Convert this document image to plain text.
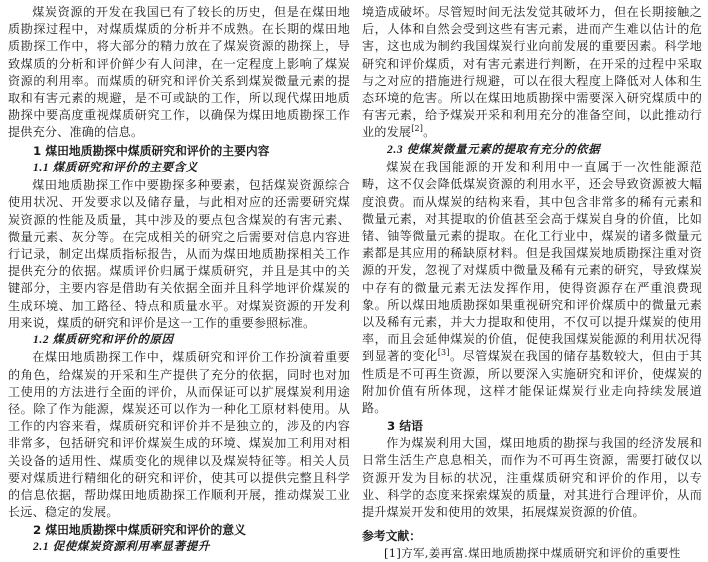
煤炭资源的开发在我国已有了较长的历史，但是在煤田地质勘探过程中，对煤质煤质的分析并不成熟。在长期的煤田地质勘探工作中，将大部分的精力放在了煤炭资源的勘探上，导致煤质的分析和评价鲜少有人问津，在一定程度上影响了煤炭资源的利用率。而煤质的研究和评价关系到煤炭微量元素的提取和有害元素的规避，是不可或缺的工作，所以现代煤田地质勘探中要高度重视煤质研究工作，以确保为煤田地质勘探工作提供充分、准确的信息。

1 煤田地质勘探中煤质研究和评价的主要内容

1.1 煤质研究和评价的主要含义

煤田地质勘探工作中要勘探多种要素，包括煤炭资源综合使用状况、开发要求以及储存量，与此相对应的还需要研究煤炭资源的性能及质量，其中涉及的要点包含煤炭的有害元素、微量元素、灰分等。在完成相关的研究之后需要对信息内容进行记录，制定出煤质指标报告，从而为煤田地质勘探相关工作提供充分的依据。煤质评价归属于煤质研究，并且是其中的关键部分，主要内容是借助有关依据全面并且科学地评价煤炭的生成环境、加工路径、特点和质量水平。对煤炭资源的开发利用来说，煤质的研究和评价是这一工作的重要参照标准。

1.2 煤质研究和评价的原因

在煤田地质勘探工作中，煤质研究和评价工作扮演着重要的角色，给煤炭的开采和生产提供了充分的依据，同时也对加工使用的方法进行全面的评价，从而保证可以扩展煤炭利用途径。除了作为能源，煤炭还可以作为一种化工原材料使用。从工作的内容来看，煤质研究和评价并不是独立的，涉及的内容非常多，包括研究和评价煤炭生成的环境、煤炭加工利用对相关设备的适用性、煤质变化的规律以及煤炭特征等。相关人员要对煤质进行精细化的研究和评价，使其可以提供完整且科学的信息依据，帮助煤田地质勘探工作顺利开展，推动煤炭工业长远、稳定的发展。

2 煤田地质勘探中煤质研究和评价的意义

2.1 促使煤炭资源利用率显著提升

境造成破坏。尽管短时间无法发觉其破坏力，但在长期接触之后，人体和自然会受到这些有害元素，进而产生难以估计的危害，这也成为制约我国煤炭行业向前发展的重要因素。科学地研究和评价煤质，对有害元素进行判断，在开采的过程中采取与之对应的措施进行规避，可以在很大程度上降低对人体和生态环境的危害。所以在煤田地质勘探中需要深入研究煤质中的有害元素，给予煤炭开采和利用充分的准备空间，以此推动行业的发展[2]。

2.3 使煤炭微量元素的提取有充分的依据

煤炭在我国能源的开发和利用中一直属于一次性能源范畴，这不仅会降低煤炭资源的利用水平，还会导致资源被大幅度浪费。而从煤炭的结构来看，其中包含非常多的稀有元素和微量元素，对其提取的价值甚至会高于煤炭自身的价值，比如锗、铀等微量元素的提取。在化工行业中，煤炭的诸多微量元素都是其应用的稀缺原材料。但是我国煤炭地质勘探注重对资源的开发，忽视了对煤质中微量及稀有元素的研究，导致煤炭中存有的微量元素无法发挥作用，使得资源存在严重浪费现象。所以煤田地质勘探如果重视研究和评价煤质中的微量元素以及稀有元素，并大力提取和使用，不仅可以提升煤炭的使用率，而且会延伸煤炭的价值，促使我国煤炭能源的利用状况得到显著的变化[3]。尽管煤炭在我国的储存基数较大，但由于其性质是不可再生资源，所以要深入实施研究和评价，使煤炭的附加价值有所体现，这样才能保证煤炭行业走向持续发展道路。

3 结语

作为煤炭利用大国，煤田地质的勘探与我国的经济发展和日常生活生产息息相关，而作为不可再生资源，需要打破仅以资源开发为目标的状况，注重煤质研究和评价的作用，以专业、科学的态度来探索煤炭的质量，对其进行合理评价，从而提升煤炭开发和使用的效果，拓展煤炭资源的价值。

参考文献：

[1]方军,姜再富.煤田地质勘探中煤质研究和评价的重要性
